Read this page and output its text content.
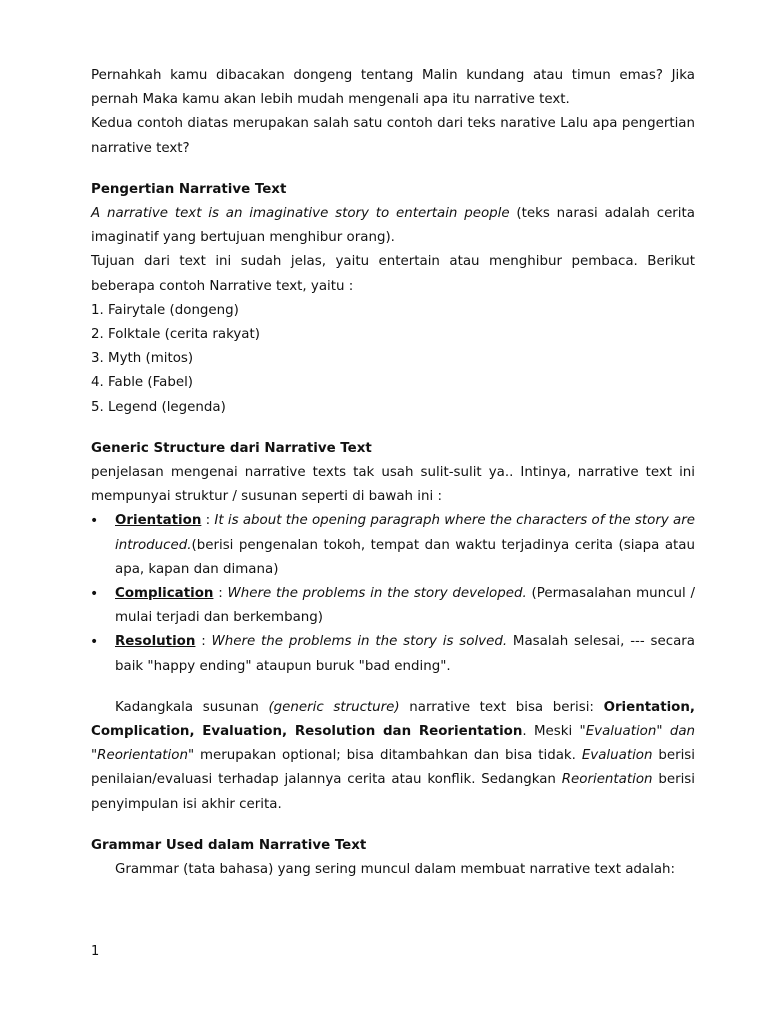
Pernahkah kamu dibacakan dongeng tentang Malin kundang atau timun emas? Jika pernah Maka kamu akan lebih mudah mengenali apa itu narrative text.

Kedua contoh diatas merupakan salah satu contoh dari teks narative Lalu apa pengertian narrative text?

Pengertian Narrative Text

A narrative text is an imaginative story to entertain people (teks narasi adalah cerita imaginatif yang bertujuan menghibur orang).

Tujuan dari text ini sudah jelas, yaitu entertain atau menghibur pembaca. Berikut beberapa contoh Narrative text, yaitu :

1. Fairytale (dongeng)

2. Folktale (cerita rakyat)

3. Myth (mitos)

4. Fable (Fabel)

5. Legend (legenda)

Generic Structure dari Narrative Text

penjelasan mengenai narrative texts tak usah sulit-sulit ya.. Intinya, narrative text ini mempunyai struktur / susunan seperti di bawah ini :

• Orientation : It is about the opening paragraph where the characters of the story are introduced.(berisi pengenalan tokoh, tempat dan waktu terjadinya cerita (siapa atau apa, kapan dan dimana)
• Complication : Where the problems in the story developed. (Permasalahan muncul / mulai terjadi dan berkembang)
• Resolution : Where the problems in the story is solved. Masalah selesai, --- secara baik "happy ending" ataupun buruk "bad ending".

Kadangkala susunan (generic structure) narrative text bisa berisi: Orientation, Complication, Evaluation, Resolution dan Reorientation. Meski "Evaluation" dan "Reorientation" merupakan optional; bisa ditambahkan dan bisa tidak. Evaluation berisi penilaian/evaluasi terhadap jalannya cerita atau konflik. Sedangkan Reorientation berisi penyimpulan isi akhir cerita.

Grammar Used dalam Narrative Text

Grammar (tata bahasa) yang sering muncul dalam membuat narrative text adalah:

1
